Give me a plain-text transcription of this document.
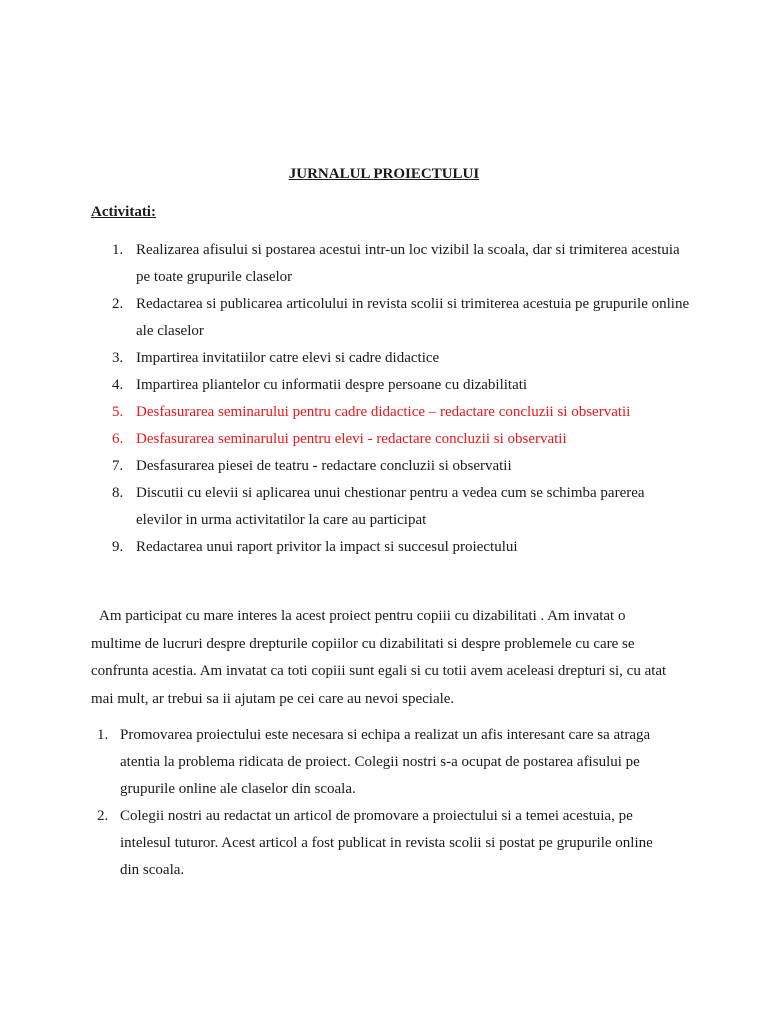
JURNALUL PROIECTULUI
Activitati:
1. Realizarea afisului si postarea acestui intr-un loc vizibil la scoala, dar si trimiterea acestuia pe toate grupurile claselor
2. Redactarea si publicarea articolului in revista scolii si trimiterea acestuia pe grupurile online ale claselor
3. Impartirea invitatiilor catre elevi si cadre didactice
4. Impartirea pliantelor cu informatii despre persoane cu dizabilitati
5. Desfasurarea seminarului pentru cadre didactice – redactare concluzii si observatii
6. Desfasurarea seminarului pentru elevi - redactare concluzii si observatii
7. Desfasurarea piesei de teatru - redactare concluzii si observatii
8. Discutii cu elevii si aplicarea unui chestionar pentru a vedea cum se schimba parerea elevilor in urma activitatilor la care au participat
9. Redactarea unui raport privitor la impact si succesul proiectului

Am participat cu mare interes la acest proiect pentru copiii cu dizabilitati . Am invatat o multime de lucruri despre drepturile copiilor cu dizabilitati si despre problemele cu care se confrunta acestia. Am invatat ca toti copiii sunt egali si cu totii avem aceleasi drepturi si, cu atat mai mult, ar trebui sa ii ajutam pe cei care au nevoi speciale.

1. Promovarea proiectului este necesara si echipa a realizat un afis interesant care sa atraga atentia la problema ridicata de proiect. Colegii nostri s-a ocupat de postarea afisului pe grupurile online ale claselor din scoala.
2. Colegii nostri au redactat un articol de promovare a proiectului si a temei acestuia, pe intelesul tuturor. Acest articol a fost publicat in revista scolii si postat pe grupurile online din scoala.
